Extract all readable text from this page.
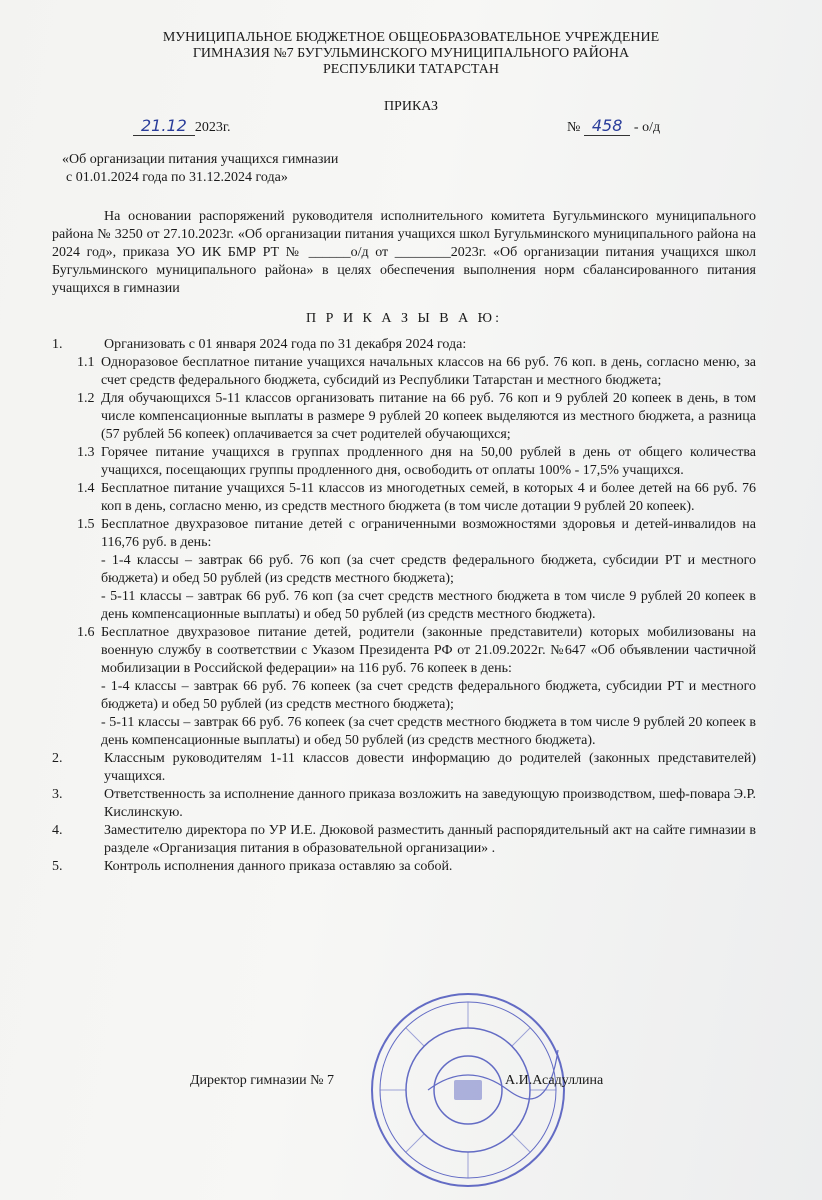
МУНИЦИПАЛЬНОЕ БЮДЖЕТНОЕ ОБЩЕОБРАЗОВАТЕЛЬНОЕ УЧРЕЖДЕНИЕ
ГИМНАЗИЯ №7 БУГУЛЬМИНСКОГО МУНИЦИПАЛЬНОГО РАЙОНА
РЕСПУБЛИКИ ТАТАРСТАН
ПРИКАЗ
21.12 2023г.	№ 458 - о/д
«Об организации питания учащихся гимназии
с 01.01.2024 года по 31.12.2024 года»
На основании распоряжений руководителя исполнительного комитета Бугульминского муниципального района № 3250 от 27.10.2023г. «Об организации питания учащихся школ Бугульминского муниципального района на 2024 год», приказа УО ИК БМР РТ № ______о/д от ________2023г. «Об организации питания учащихся школ Бугульминского муниципального района» в целях обеспечения выполнения норм сбалансированного питания учащихся в гимназии
П Р И К А З Ы В А Ю:
1.	Организовать с 01 января 2024 года по 31 декабря 2024 года:
1.1 Одноразовое бесплатное питание учащихся начальных классов на 66 руб. 76 коп. в день, согласно меню, за счет средств федерального бюджета, субсидий из Республики Татарстан и местного бюджета;
1.2 Для обучающихся 5-11 классов организовать питание на 66 руб. 76 коп и 9 рублей 20 копеек в день, в том числе компенсационные выплаты в размере 9 рублей 20 копеек выделяются из местного бюджета, а разница (57 рублей 56 копеек) оплачивается за счет родителей обучающихся;
1.3 Горячее питание учащихся в группах продленного дня на 50,00 рублей в день от общего количества учащихся, посещающих группы продленного дня, освободить от оплаты 100% - 17,5% учащихся.
1.4 Бесплатное питание учащихся 5-11 классов из многодетных семей, в которых 4 и более детей на 66 руб. 76 коп в день, согласно меню, из средств местного бюджета (в том числе дотации 9 рублей 20 копеек).
1.5 Бесплатное двухразовое питание детей с ограниченными возможностями здоровья и детей-инвалидов на 116,76 руб. в день:
- 1-4 классы – завтрак 66 руб. 76 коп (за счет средств федерального бюджета, субсидии РТ и местного бюджета) и обед 50 рублей (из средств местного бюджета);
- 5-11 классы – завтрак 66 руб. 76 коп (за счет средств местного бюджета в том числе 9 рублей 20 копеек в день компенсационные выплаты) и обед 50 рублей (из средств местного бюджета).
1.6 Бесплатное двухразовое питание детей, родители (законные представители) которых мобилизованы на военную службу в соответствии с Указом Президента РФ от 21.09.2022г. №647 «Об объявлении частичной мобилизации в Российской федерации» на 116 руб. 76 копеек в день:
- 1-4 классы – завтрак 66 руб. 76 копеек (за счет средств федерального бюджета, субсидии РТ и местного бюджета) и обед 50 рублей (из средств местного бюджета);
- 5-11 классы – завтрак 66 руб. 76 копеек (за счет средств местного бюджета в том числе 9 рублей 20 копеек в день компенсационные выплаты) и обед 50 рублей (из средств местного бюджета).
2.	Классным руководителям 1-11 классов довести информацию до родителей (законных представителей) учащихся.
3.	Ответственность за исполнение данного приказа возложить на заведующую производством, шеф-повара Э.Р. Кислинскую.
4.	Заместителю директора по УР И.Е. Дюковой разместить данный распорядительный акт на сайте гимназии в разделе «Организация питания в образовательной организации» .
5.	Контроль исполнения данного приказа оставляю за собой.
Директор гимназии № 7	А.И.Асадуллина
